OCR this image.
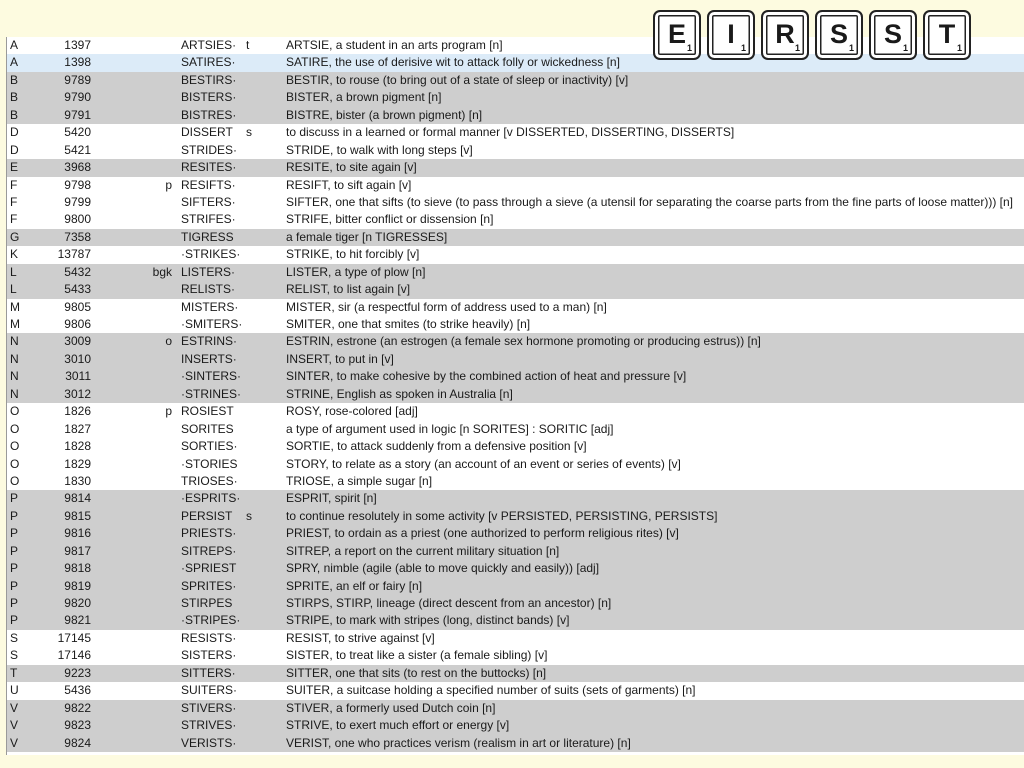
E 1	I 1	R 1	S 1	S 1	T 1
A	1397	ARTSIES· t	ARTSIE, a student in an arts program [n]
A	1398	SATIRES·	SATIRE, the use of derisive wit to attack folly or wickedness [n]
B	9789	BESTIRS·	BESTIR, to rouse (to bring out of a state of sleep or inactivity) [v]
B	9790	BISTERS·	BISTER, a brown pigment [n]
B	9791	BISTRES·	BISTRE, bister (a brown pigment) [n]
D	5420	DISSERT s	to discuss in a learned or formal manner [v DISSERTED, DISSERTING, DISSERTS]
D	5421	STRIDES·	STRIDE, to walk with long steps [v]
E	3968	RESITES·	RESITE, to site again [v]
F	9798	p RESIFTS·	RESIFT, to sift again [v]
F	9799	SIFTERS·	SIFTER, one that sifts (to sieve (to pass through a sieve (a utensil for separating the coarse parts from the fine parts of loose matter))) [n]
F	9800	STRIFES·	STRIFE, bitter conflict or dissension [n]
G	7358	TIGRESS	a female tiger [n TIGRESSES]
K	13787	·STRIKES·	STRIKE, to hit forcibly [v]
L	5432	bgk LISTERS·	LISTER, a type of plow [n]
L	5433	RELISTS·	RELIST, to list again [v]
M	9805	MISTERS·	MISTER, sir (a respectful form of address used to a man) [n]
M	9806	·SMITERS·	SMITER, one that smites (to strike heavily) [n]
N	3009	o ESTRINS·	ESTRIN, estrone (an estrogen (a female sex hormone promoting or producing estrus)) [n]
N	3010	INSERTS·	INSERT, to put in [v]
N	3011	·SINTERS·	SINTER, to make cohesive by the combined action of heat and pressure [v]
N	3012	·STRINES·	STRINE, English as spoken in Australia [n]
O	1826	p ROSIEST	ROSY, rose-colored [adj]
O	1827	SORITES	a type of argument used in logic [n SORITES] : SORITIC [adj]
O	1828	SORTIES·	SORTIE, to attack suddenly from a defensive position [v]
O	1829	·STORIES	STORY, to relate as a story (an account of an event or series of events) [v]
O	1830	TRIOSES·	TRIOSE, a simple sugar [n]
P	9814	·ESPRITS·	ESPRIT, spirit [n]
P	9815	PERSIST s	to continue resolutely in some activity [v PERSISTED, PERSISTING, PERSISTS]
P	9816	PRIESTS·	PRIEST, to ordain as a priest (one authorized to perform religious rites) [v]
P	9817	SITREPS·	SITREP, a report on the current military situation [n]
P	9818	·SPRIEST	SPRY, nimble (agile (able to move quickly and easily)) [adj]
P	9819	SPRITES·	SPRITE, an elf or fairy [n]
P	9820	STIRPES	STIRPS, STIRP, lineage (direct descent from an ancestor) [n]
P	9821	·STRIPES·	STRIPE, to mark with stripes (long, distinct bands) [v]
S	17145	RESISTS·	RESIST, to strive against [v]
S	17146	SISTERS·	SISTER, to treat like a sister (a female sibling) [v]
T	9223	SITTERS·	SITTER, one that sits (to rest on the buttocks) [n]
U	5436	SUITERS·	SUITER, a suitcase holding a specified number of suits (sets of garments) [n]
V	9822	STIVERS·	STIVER, a formerly used Dutch coin [n]
V	9823	STRIVES·	STRIVE, to exert much effort or energy [v]
V	9824	VERISTS·	VERIST, one who practices verism (realism in art or literature) [n]
